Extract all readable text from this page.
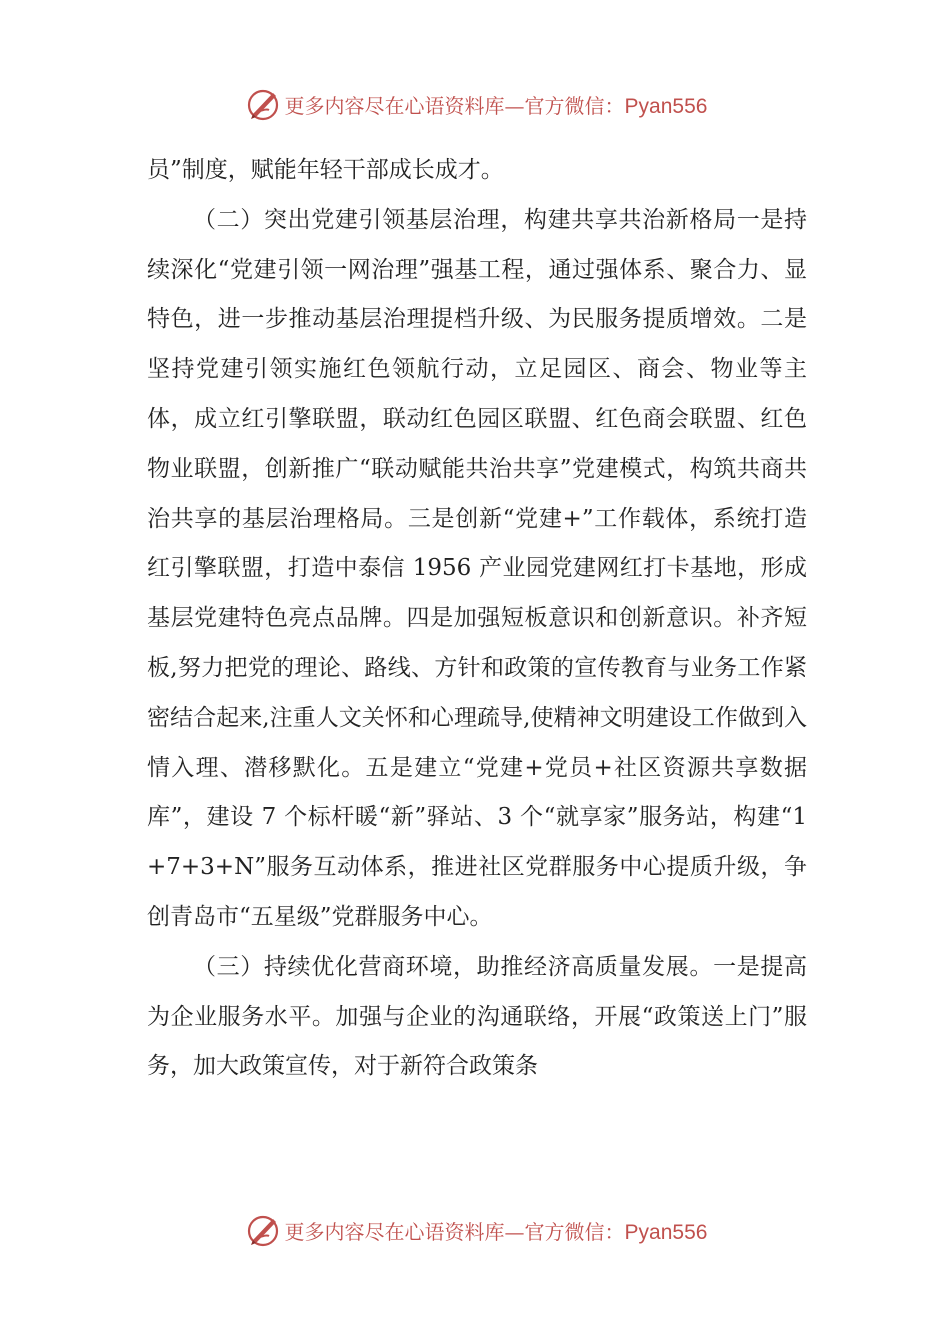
更多内容尽在心语资料库—官方微信：Pyan556

员”制度，赋能年轻干部成长成才。

（二）突出党建引领基层治理，构建共享共治新格局一是持续深化“党建引领一网治理”强基工程，通过强体系、聚合力、显特色，进一步推动基层治理提档升级、为民服务提质增效。二是坚持党建引领实施红色领航行动，立足园区、商会、物业等主体，成立红引擎联盟，联动红色园区联盟、红色商会联盟、红色物业联盟，创新推广“联动赋能共治共享”党建模式，构筑共商共治共享的基层治理格局。三是创新“党建+”工作载体，系统打造红引擎联盟，打造中泰信 1956 产业园党建网红打卡基地，形成基层党建特色亮点品牌。四是加强短板意识和创新意识。补齐短板,努力把党的理论、路线、方针和政策的宣传教育与业务工作紧密结合起来,注重人文关怀和心理疏导,使精神文明建设工作做到入情入理、潜移默化。五是建立“党建+党员+社区资源共享数据库”，建设 7 个标杆暖“新”驿站、3 个“就享家”服务站，构建“1+7+3+N”服务互动体系，推进社区党群服务中心提质升级，争创青岛市“五星级”党群服务中心。

（三）持续优化营商环境，助推经济高质量发展。一是提高为企业服务水平。加强与企业的沟通联络，开展“政策送上门”服务，加大政策宣传，对于新符合政策条

更多内容尽在心语资料库—官方微信：Pyan556
